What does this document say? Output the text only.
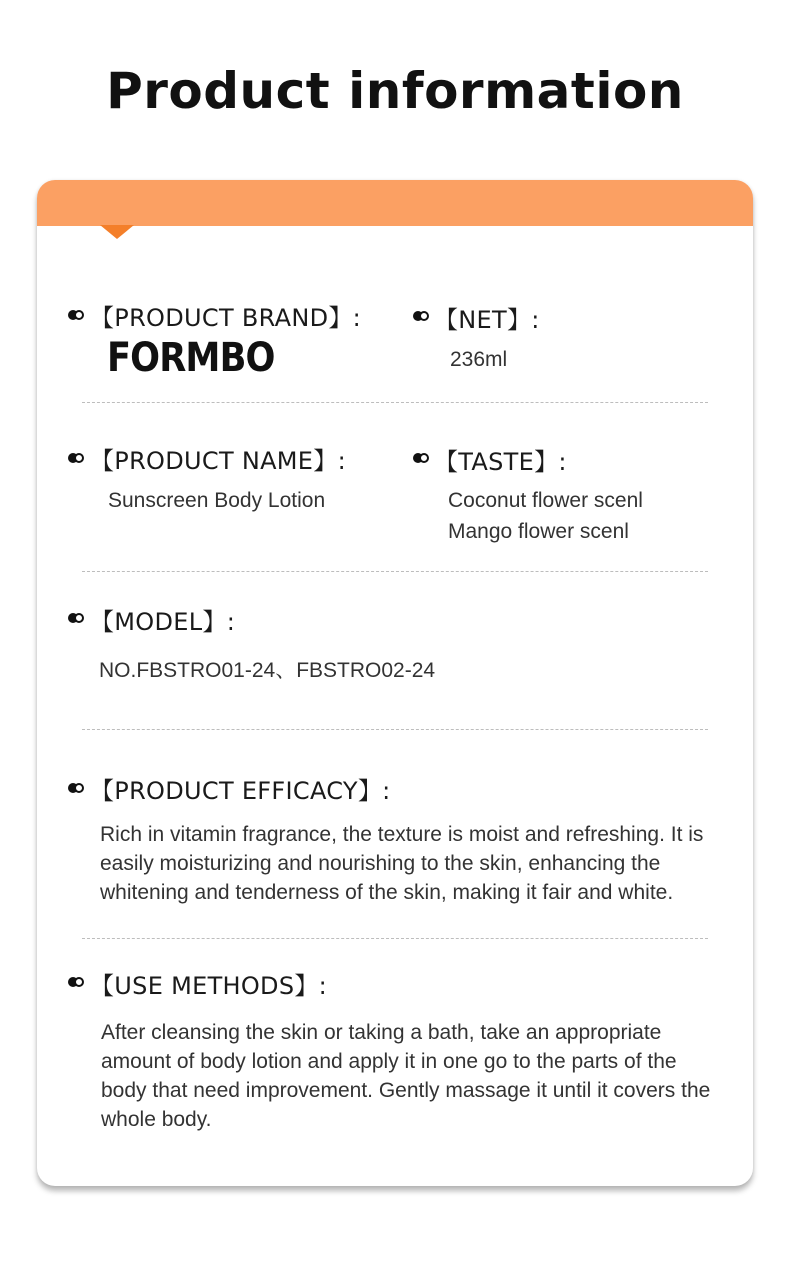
Product information
【PRODUCT BRAND】:
FORMBO
【NET】:
236ml
【PRODUCT NAME】:
Sunscreen Body Lotion
【TASTE】:
Coconut flower scenl
Mango flower scenl
【MODEL】:
NO.FBSTRO01-24、FBSTRO02-24
【PRODUCT EFFICACY】:
Rich in vitamin fragrance, the texture is moist and refreshing. It is
easily moisturizing and nourishing to the skin, enhancing the
whitening and tenderness of the skin, making it fair and white.
【USE METHODS】:
After cleansing the skin or taking a bath, take an appropriate
amount of body lotion and apply it in one go to the parts of the
body that need improvement. Gently massage it until it covers the
whole body.
